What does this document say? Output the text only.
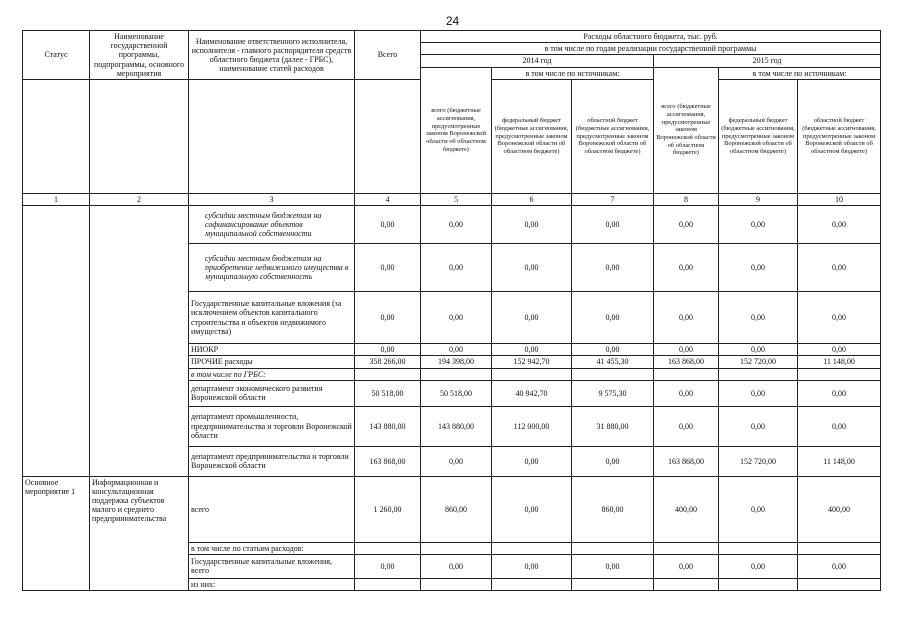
24
Статус	Наименование государственной программы, подпрограммы, основного мероприятия	Наименование ответственного исполнителя, исполнителя - главного распорядителя средств областного бюджета (далее - ГРБС), наименование статей расходов	Всего	Расходы областного бюджета, тыс. руб.					
				в том числе по годам реализации государственной программы					
				2014 год			2015 год		
				всего (бюджетные ассигнования, предусмотренные законом Воронежской области об областном бюджете)	в том числе по источникам:		всего (бюджетные ассигнования, предусмотренные законом Воронежской области об областном бюджете)	в том числе по источникам:	
					федеральный бюджет (бюджетные ассигнования, предусмотренные законом Воронежской области об областном бюджете)	областной бюджет (бюджетные ассигнования, предусмотренные законом Воронежской области об областном бюджете)		федеральный бюджет (бюджетные ассигнования, предусмотренные законом Воронежской области об областном бюджете)	областной бюджет (бюджетные ассигнования, предусмотренные законом Воронежской области об областном бюджете)
1	2	3	4	5	6	7	8	9	10
		субсидии местным бюджетам на софинансирование объектов муниципальной собственности	0,00	0,00	0,00	0,00	0,00	0,00	0,00
		субсидии местным бюджетам на приобретение недвижимого имущества в муниципальную собственность	0,00	0,00	0,00	0,00	0,00	0,00	0,00
		Государственные капитальные вложения (за исключением объектов капитального строительства и объектов недвижимого имущества)	0,00	0,00	0,00	0,00	0,00	0,00	0,00
		НИОКР	0,00	0,00	0,00	0,00	0,00	0,00	0,00
		ПРОЧИЕ расходы	358 266,00	194 398,00	152 942,70	41 455,30	163 868,00	152 720,00	11 148,00
		в том числе по ГРБС:							
		департамент экономического развития Воронежской области	50 518,00	50 518,00	40 942,70	9 575,30	0,00	0,00	0,00
		департамент промышленности, предпринимательства и торговли Воронежской области	143 880,00	143 880,00	112 000,00	31 880,00	0,00	0,00	0,00
		департамент предпринимательства и торговли Воронежской области	163 868,00	0,00	0,00	0,00	163 868,00	152 720,00	11 148,00
Основное мероприятие 1	Информационная и консультационная поддержка субъектов малого и среднего предпринимательства	всего	1 260,00	860,00	0,00	860,00	400,00	0,00	400,00
		в том числе по статьям расходов:							
		Государственные капитальные вложения, всего	0,00	0,00	0,00	0,00	0,00	0,00	0,00
		из них:							
